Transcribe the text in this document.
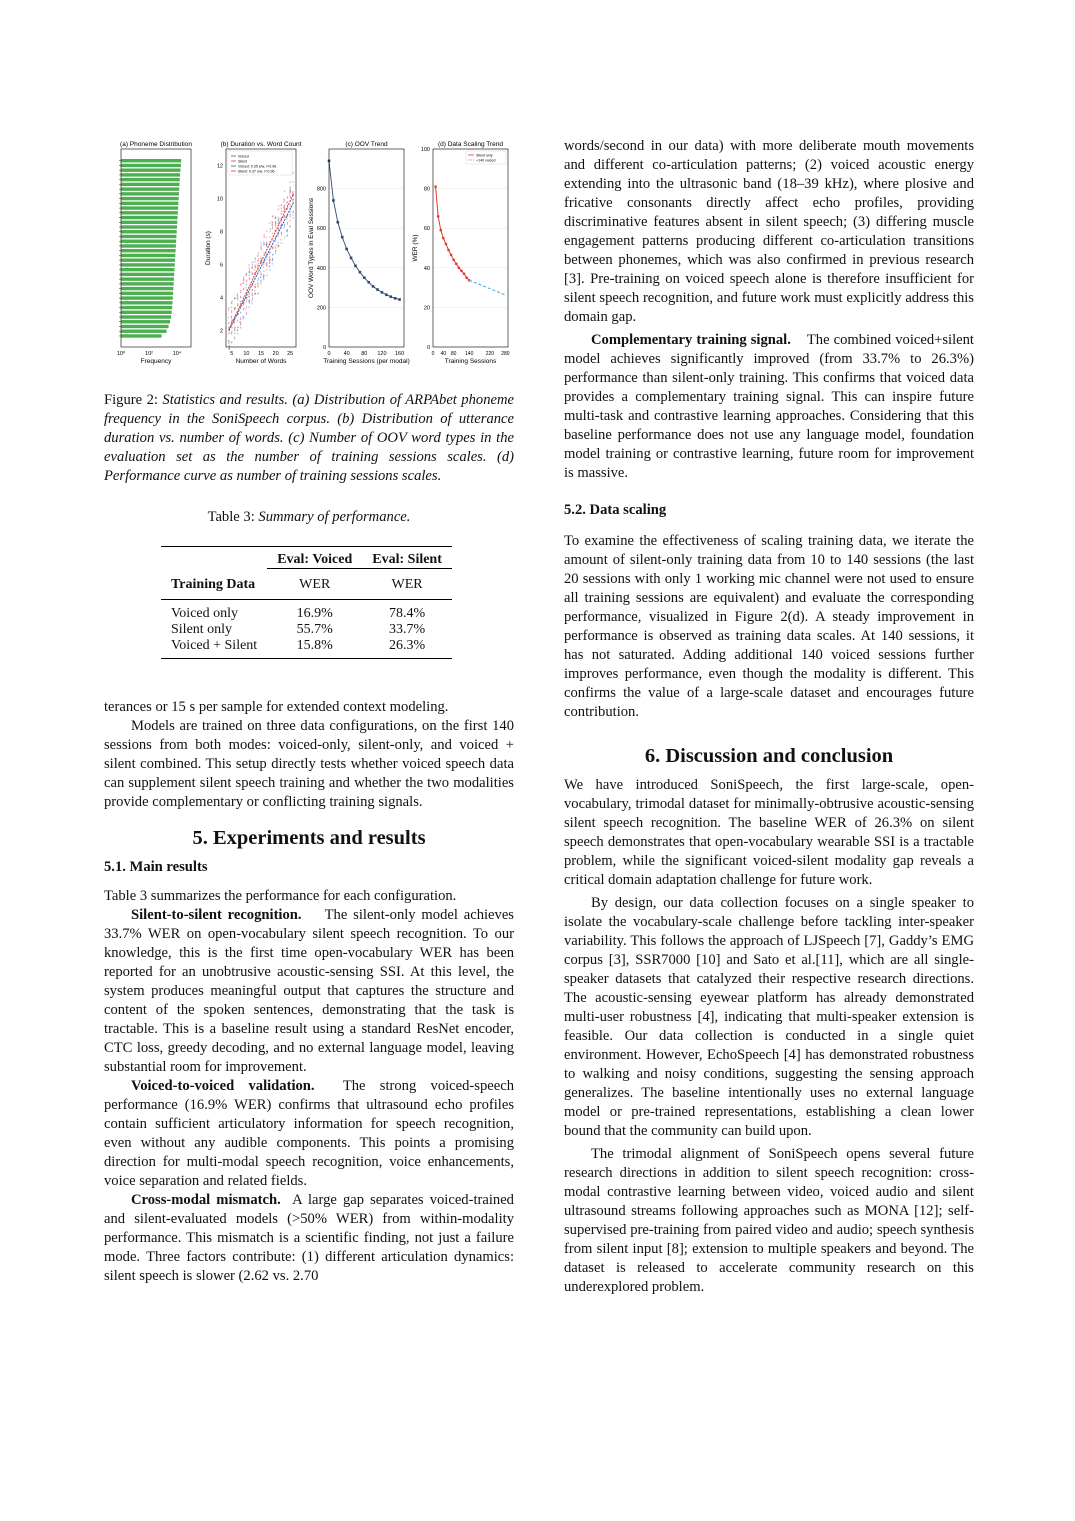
(a) Phoneme Distribution
Frequency
(b) Duration vs. Word Count
Number of Words
Duration (s)
(c) OOV Trend
Training Sessions (per modal)
OOV Word Types in Eval Sessions
(d) Data Scaling Trend
Training Sessions
WER (%)
10⁰	10²	10⁴	5 10 15 20 25
2
4
6
8
10
12
Voiced
Silent
Voiced: 0.35 s/w, r=0.96
Silent: 0.37 s/w, r=0.96
0
200
400
600
800
0 40 80 120 160
0
20
40
60
80
100
0 40 80 140 220 280
Silent only
+140 voiced

Figure 2: Statistics and results. (a) Distribution of ARPAbet phoneme frequency in the SoniSpeech corpus. (b) Distribution of utterance duration vs. number of words. (c) Number of OOV word types in the evaluation set as the number of training sessions scales. (d) Performance curve as number of training sessions scales.

Table 3: Summary of performance.

	Eval: Voiced	Eval: Silent
Training Data	WER	WER
Voiced only	16.9%	78.4%
Silent only	55.7%	33.7%
Voiced + Silent	15.8%	26.3%

terances or 15 s per sample for extended context modeling.

Models are trained on three data configurations, on the first 140 sessions from both modes: voiced-only, silent-only, and voiced + silent combined. This setup directly tests whether voiced speech data can supplement silent speech training and whether the two modalities provide complementary or conflicting training signals.

5. Experiments and results
5.1. Main results

Table 3 summarizes the performance for each configuration.

Silent-to-silent recognition. The silent-only model achieves 33.7% WER on open-vocabulary silent speech recognition. To our knowledge, this is the first time open-vocabulary WER has been reported for an unobtrusive acoustic-sensing SSI. At this level, the system produces meaningful output that captures the structure and content of the spoken sentences, demonstrating that the task is tractable. This is a baseline result using a standard ResNet encoder, CTC loss, greedy decoding, and no external language model, leaving substantial room for improvement.

Voiced-to-voiced validation. The strong voiced-speech performance (16.9% WER) confirms that ultrasound echo profiles contain sufficient articulatory information for speech recognition, even without any audible components. This points a promising direction for multi-modal speech recognition, voice enhancements, voice separation and related fields.

Cross-modal mismatch. A large gap separates voiced-trained and silent-evaluated models (>50% WER) from within-modality performance. This mismatch is a scientific finding, not just a failure mode. Three factors contribute: (1) different articulation dynamics: silent speech is slower (2.62 vs. 2.70

words/second in our data) with more deliberate mouth movements and different co-articulation patterns; (2) voiced acoustic energy extending into the ultrasonic band (18–39 kHz), where plosive and fricative consonants directly affect echo profiles, providing discriminative features absent in silent speech; (3) differing muscle engagement patterns producing different co-articulation transitions between phonemes, which was also confirmed in previous research [3]. Pre-training on voiced speech alone is therefore insufficient for silent speech recognition, and future work must explicitly address this domain gap.

Complementary training signal. The combined voiced+silent model achieves significantly improved (from 33.7% to 26.3%) performance than silent-only training. This confirms that voiced data provides a complementary training signal. This can inspire future multi-task and contrastive learning approaches. Considering that this baseline performance does not use any language model, foundation model training or contrastive learning, future room for improvement is massive.

5.2. Data scaling

To examine the effectiveness of scaling training data, we iterate the amount of silent-only training data from 10 to 140 sessions (the last 20 sessions with only 1 working mic channel were not used to ensure all training sessions are equivalent) and evaluate the corresponding performance, visualized in Figure 2(d). A steady improvement in performance is observed as training data scales. At 140 sessions, it has not saturated. Adding additional 140 voiced sessions further improves performance, even though the modality is different. This confirms the value of a large-scale dataset and encourages future contribution.

6. Discussion and conclusion

We have introduced SoniSpeech, the first large-scale, open-vocabulary, trimodal dataset for minimally-obtrusive acoustic-sensing silent speech recognition. The baseline WER of 26.3% on silent speech demonstrates that open-vocabulary wearable SSI is a tractable problem, while the significant voiced-silent modality gap reveals a critical domain adaptation challenge for future work.

By design, our data collection focuses on a single speaker to isolate the vocabulary-scale challenge before tackling inter-speaker variability. This follows the approach of LJSpeech [7], Gaddy’s EMG corpus [3], SSR7000 [10] and Sato et al.[11], which are all single-speaker datasets that catalyzed their respective research directions. The acoustic-sensing eyewear platform has already demonstrated multi-user robustness [4], indicating that multi-speaker extension is feasible. Our data collection is conducted in a single quiet environment. However, EchoSpeech [4] has demonstrated robustness to walking and noisy conditions, suggesting the sensing approach generalizes. The baseline intentionally uses no external language model or pre-trained representations, establishing a clean lower bound that the community can build upon.

The trimodal alignment of SoniSpeech opens several future research directions in addition to silent speech recognition: cross-modal contrastive learning between video, voiced audio and silent ultrasound streams following approaches such as MONA [12]; self-supervised pre-training from paired video and audio; speech synthesis from silent input [8]; extension to multiple speakers and beyond. The dataset is released to accelerate community research on this underexplored problem.
